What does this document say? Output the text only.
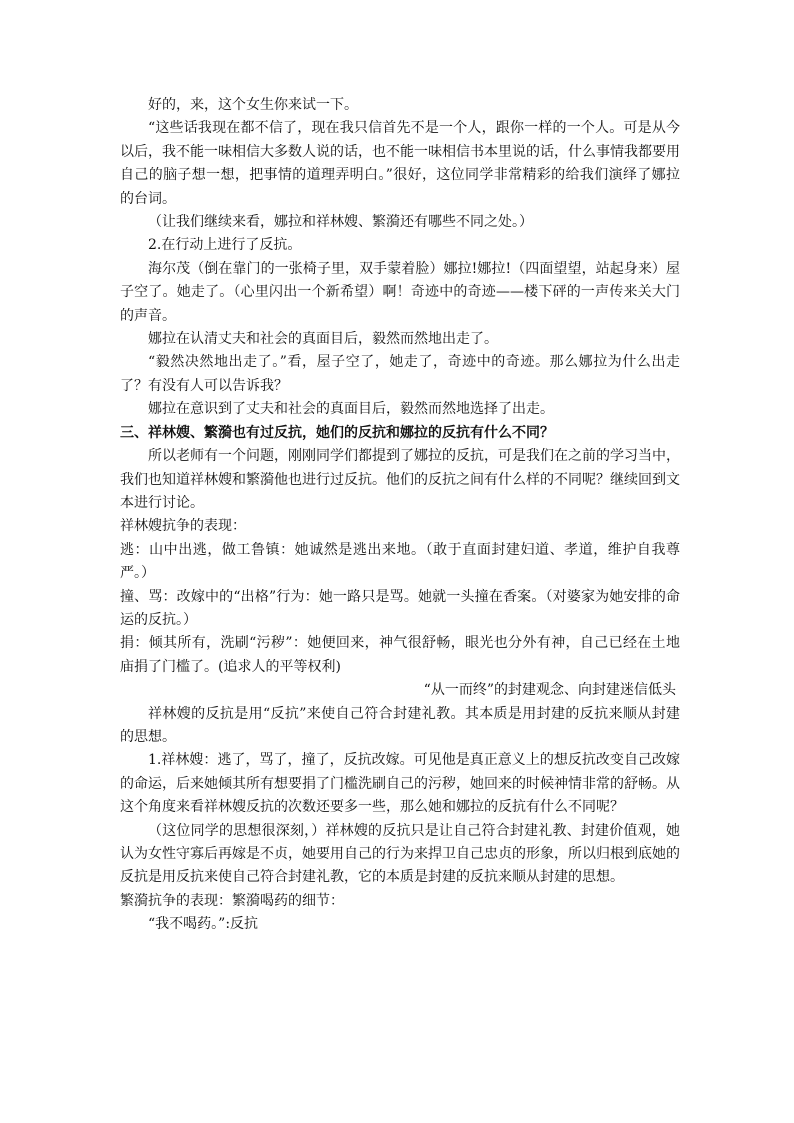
好的，来，这个女生你来试一下。

“这些话我现在都不信了，现在我只信首先不是一个人，跟你一样的一个人。可是从今以后，我不能一味相信大多数人说的话，也不能一味相信书本里说的话，什么事情我都要用自己的脑子想一想，把事情的道理弄明白。”很好，这位同学非常精彩的给我们演绎了娜拉的台词。

（让我们继续来看，娜拉和祥林嫂、繁漪还有哪些不同之处。）

2.在行动上进行了反抗。

海尔茂（倒在靠门的一张椅子里，双手蒙着脸）娜拉!娜拉!（四面望望，站起身来）屋子空了。她走了。（心里闪出一个新希望）啊！奇迹中的奇迹——楼下砰的一声传来关大门的声音。

娜拉在认清丈夫和社会的真面目后，毅然而然地出走了。

“毅然决然地出走了。”看，屋子空了，她走了，奇迹中的奇迹。那么娜拉为什么出走了？有没有人可以告诉我？

娜拉在意识到了丈夫和社会的真面目后，毅然而然地选择了出走。

三、祥林嫂、繁漪也有过反抗，她们的反抗和娜拉的反抗有什么不同？

所以老师有一个问题，刚刚同学们都提到了娜拉的反抗，可是我们在之前的学习当中，我们也知道祥林嫂和繁漪他也进行过反抗。他们的反抗之间有什么样的不同呢？继续回到文本进行讨论。

祥林嫂抗争的表现：

逃：山中出逃，做工鲁镇：她诚然是逃出来地。（敢于直面封建妇道、孝道，维护自我尊严。）

撞、骂：改嫁中的“出格”行为：她一路只是骂。她就一头撞在香案。（对婆家为她安排的命运的反抗。）

捐：倾其所有，洗刷“污秽”：她便回来，神气很舒畅，眼光也分外有神，自己已经在土地庙捐了门槛了。(追求人的平等权利)

“从一而终”的封建观念、向封建迷信低头

祥林嫂的反抗是用“反抗”来使自己符合封建礼教。其本质是用封建的反抗来顺从封建的思想。

1.祥林嫂：逃了，骂了，撞了，反抗改嫁。可见他是真正意义上的想反抗改变自己改嫁的命运，后来她倾其所有想要捐了门槛洗刷自己的污秽，她回来的时候神情非常的舒畅。从这个角度来看祥林嫂反抗的次数还要多一些，那么她和娜拉的反抗有什么不同呢？

（这位同学的思想很深刻，）祥林嫂的反抗只是让自己符合封建礼教、封建价值观，她认为女性守寡后再嫁是不贞，她要用自己的行为来捍卫自己忠贞的形象，所以归根到底她的反抗是用反抗来使自己符合封建礼教，它的本质是封建的反抗来顺从封建的思想。

繁漪抗争的表现：繁漪喝药的细节：

“我不喝药。”:反抗
